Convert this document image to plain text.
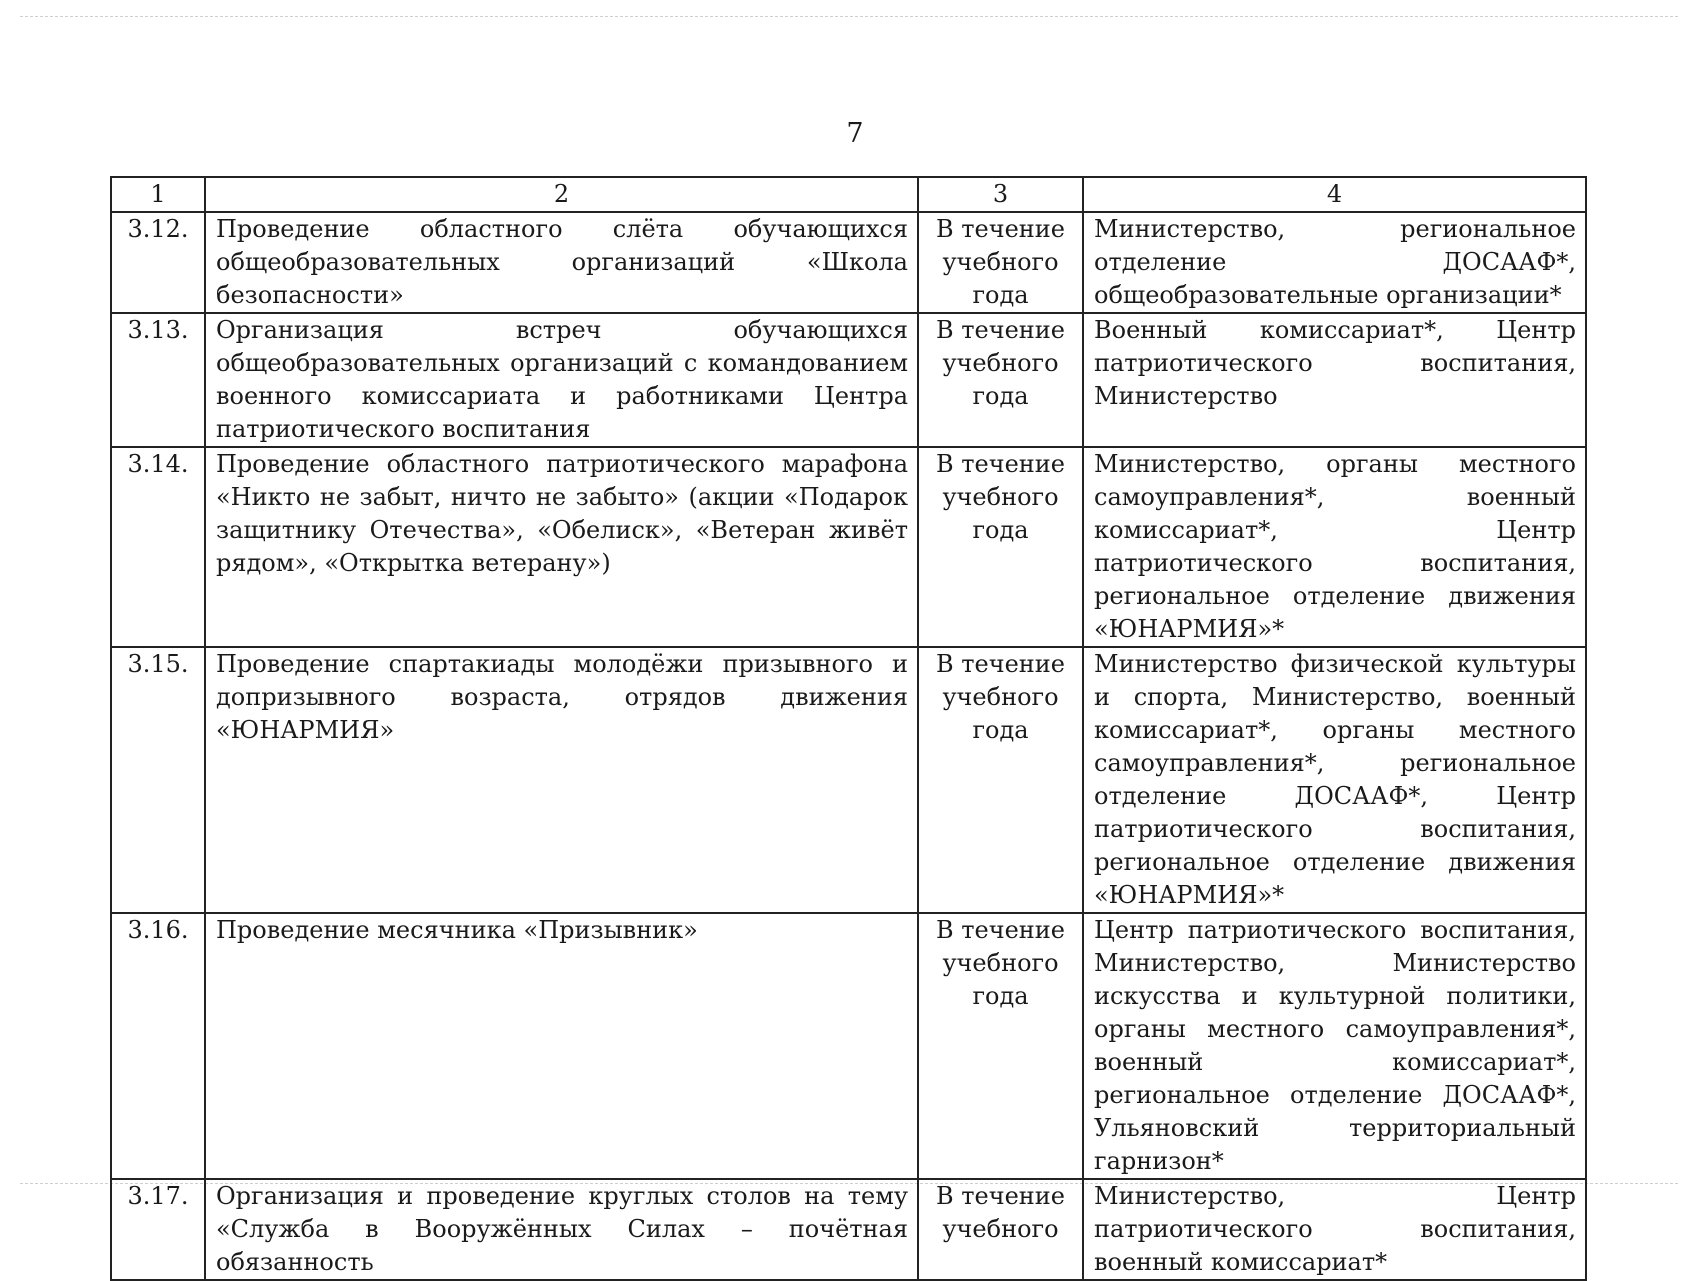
7
1	2	3	4
3.12.	Проведение областного слёта обучающихся общеобразовательных организаций «Школа безопасности»	В течение учебного года	Министерство, региональное отделение ДОСААФ*, общеобразовательные организации*
3.13.	Организация встреч обучающихся общеобразовательных организаций с командованием военного комиссариата и работниками Центра патриотического воспитания	В течение учебного года	Военный комиссариат*, Центр патриотического воспитания, Министерство
3.14.	Проведение областного патриотического марафона «Никто не забыт, ничто не забыто» (акции «Подарок защитнику Отечества», «Обелиск», «Ветеран живёт рядом», «Открытка ветерану»)	В течение учебного года	Министерство, органы местного самоуправления*, военный комиссариат*, Центр патриотического воспитания, региональное отделение движения «ЮНАРМИЯ»*
3.15.	Проведение спартакиады молодёжи призывного и допризывного возраста, отрядов движения «ЮНАРМИЯ»	В течение учебного года	Министерство физической культуры и спорта, Министерство, военный комиссариат*, органы местного самоуправления*, региональное отделение ДОСААФ*, Центр патриотического воспитания, региональное отделение движения «ЮНАРМИЯ»*
3.16.	Проведение месячника «Призывник»	В течение учебного года	Центр патриотического воспитания, Министерство, Министерство искусства и культурной политики, органы местного самоуправления*, военный комиссариат*, региональное отделение ДОСААФ*, Ульяновский территориальный гарнизон*
3.17.	Организация и проведение круглых столов на тему «Служба в Вооружённых Силах – почётная обязанность	В течение учебного	Министерство, Центр патриотического воспитания, военный комиссариат*
